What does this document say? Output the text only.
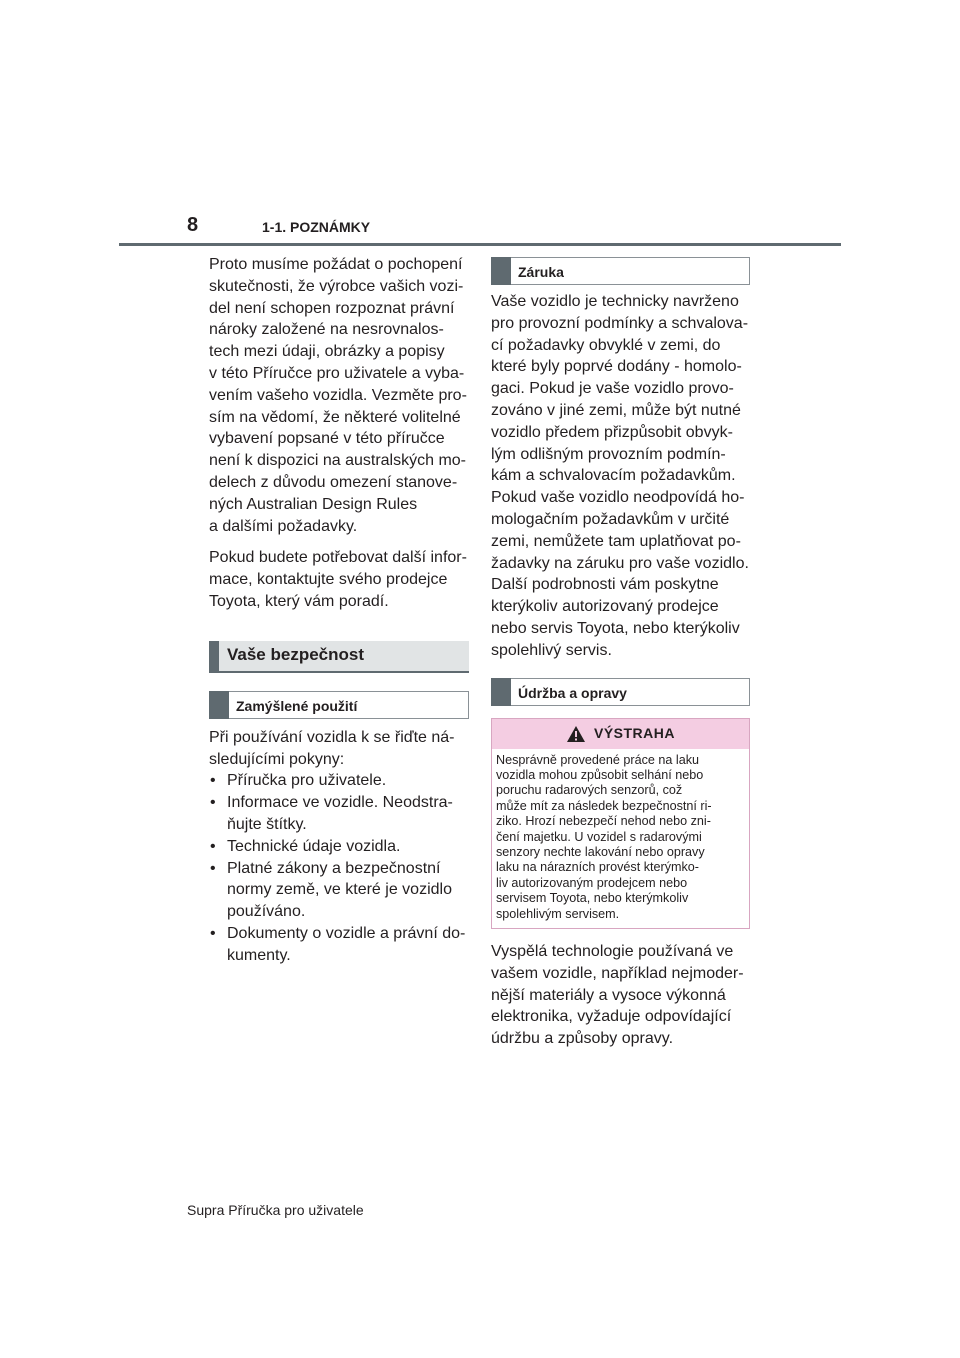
8	1-1. POZNÁMKY

Proto musíme požádat o pochopení
skutečnosti, že výrobce vašich vozi-
del není schopen rozpoznat právní
nároky založené na nesrovnalos-
tech mezi údaji, obrázky a popisy
v této Příručce pro uživatele a vyba-
vením vašeho vozidla. Vezměte pro-
sím na vědomí, že některé volitelné
vybavení popsané v této příručce
není k dispozici na australských mo-
delech z důvodu omezení stanove-
ných Australian Design Rules
a dalšími požadavky.

Pokud budete potřebovat další infor-
mace, kontaktujte svého prodejce
Toyota, který vám poradí.

Vaše bezpečnost
Zamýšlené použití

Při používání vozidla k se řiďte ná-
sledujícími pokyny:

• Příručka pro uživatele.
• Informace ve vozidle. Neodstra-
ňujte štítky.
• Technické údaje vozidla.
• Platné zákony a bezpečnostní
normy země, ve které je vozidlo
používáno.
• Dokumenty o vozidle a právní do-
kumenty.
Záruka

Vaše vozidlo je technicky navrženo
pro provozní podmínky a schvalova-
cí požadavky obvyklé v zemi, do
které byly poprvé dodány - homolo-
gaci. Pokud je vaše vozidlo provo-
zováno v jiné zemi, může být nutné
vozidlo předem přizpůsobit obvyk-
lým odlišným provozním podmín-
kám a schvalovacím požadavkům.
Pokud vaše vozidlo neodpovídá ho-
mologačním požadavkům v určité
zemi, nemůžete tam uplatňovat po-
žadavky na záruku pro vaše vozidlo.
Další podrobnosti vám poskytne
kterýkoliv autorizovaný prodejce
nebo servis Toyota, nebo kterýkoliv
spolehlivý servis.

Údržba a opravy
VÝSTRAHA
Nesprávně provedené práce na laku
vozidla mohou způsobit selhání nebo
poruchu radarových senzorů, což
může mít za následek bezpečnostní ri-
ziko. Hrozí nebezpečí nehod nebo zni-
čení majetku. U vozidel s radarovými
senzory nechte lakování nebo opravy
laku na nárazních provést kterýmko-
liv autorizovaným prodejcem nebo
servisem Toyota, nebo kterýmkoliv
spolehlivým servisem.

Vyspělá technologie používaná ve
vašem vozidle, například nejmoder-
nější materiály a vysoce výkonná
elektronika, vyžaduje odpovídající
údržbu a způsoby opravy.

Supra Příručka pro uživatele
